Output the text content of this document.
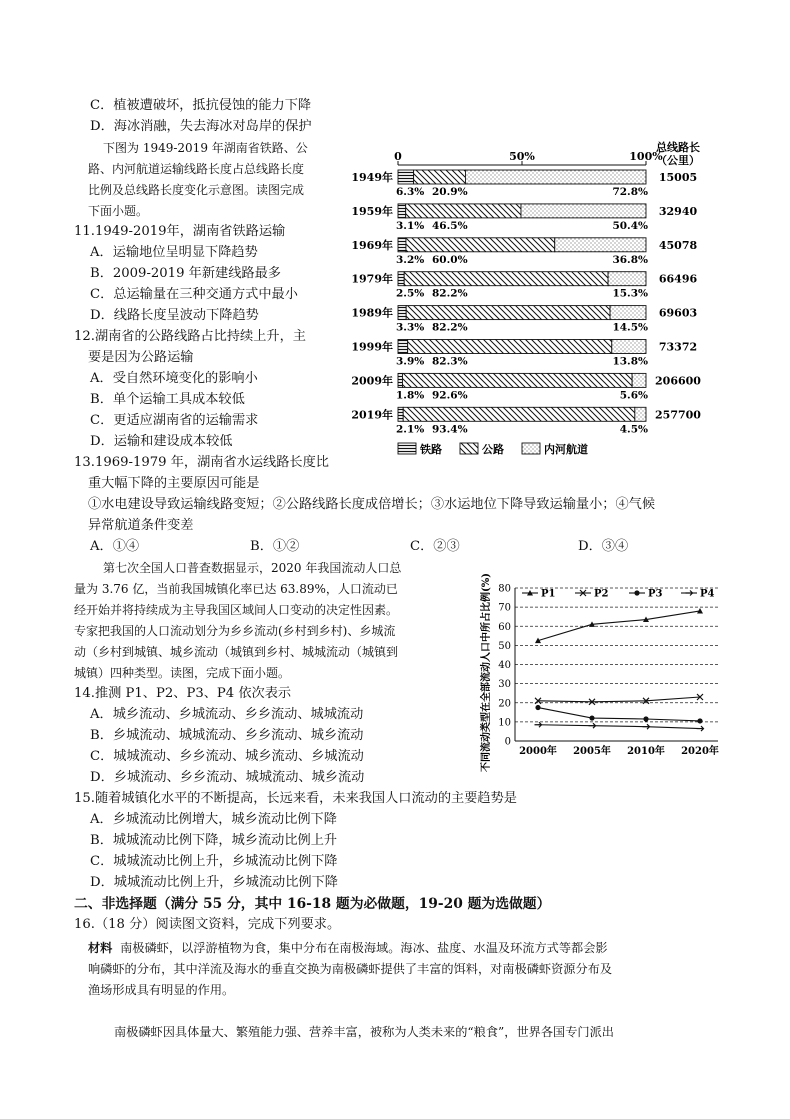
C．植被遭破坏，抵抗侵蚀的能力下降
D．海冰消融，失去海冰对岛岸的保护
下图为 1949-2019 年湖南省铁路、公
路、内河航道运输线路长度占总线路长度
比例及总线路长度变化示意图。读图完成
下面小题。
11.1949-2019年，湖南省铁路运输
A．运输地位呈明显下降趋势
B．2009-2019 年新建线路最多
C．总运输量在三种交通方式中最小
D．线路长度呈波动下降趋势
12.湖南省的公路线路占比持续上升，主
要是因为公路运输
A．受自然环境变化的影响小
B．单个运输工具成本较低
C．更适应湖南省的运输需求
D．运输和建设成本较低
13.1969-1979 年，湖南省水运线路长度比
重大幅下降的主要原因可能是
①水电建设导致运输线路变短；②公路线路长度成倍增长；③水运地位下降导致运输量小；④气候
异常航道条件变差
A．①④	B．①②	C．②③	D．③④
第七次全国人口普查数据显示，2020 年我国流动人口总
量为 3.76 亿，当前我国城镇化率已达 63.89%，人口流动已
经开始并将持续成为主导我国区域间人口变动的决定性因素。
专家把我国的人口流动划分为乡乡流动(乡村到乡村)、乡城流
动（乡村到城镇、城乡流动（城镇到乡村、城城流动（城镇到
城镇）四种类型。读图，完成下面小题。
14.推测 P1、P2、P3、P4 依次表示
A．城乡流动、乡城流动、乡乡流动、城城流动
B．乡城流动、城城流动、乡乡流动、城乡流动
C．城城流动、乡乡流动、城乡流动、乡城流动
D．乡城流动、乡乡流动、城城流动、城乡流动
15.随着城镇化水平的不断提高，长远来看，未来我国人口流动的主要趋势是
A．乡城流动比例增大，城乡流动比例下降
B．城城流动比例下降，城乡流动比例上升
C．城城流动比例上升，乡城流动比例下降
D．城城流动比例上升，乡城流动比例下降
二、非选择题（满分 55 分，其中 16-18 题为必做题，19-20 题为选做题）
16.（18 分）阅读图文资料，完成下列要求。
材料 南极磷虾，以浮游植物为食，集中分布在南极海域。海冰、盐度、水温及环流方式等都会影
响磷虾的分布，其中洋流及海水的垂直交换为南极磷虾提供了丰富的饵料，对南极磷虾资源分布及
渔场形成具有明显的作用。
南极磷虾因具体量大、繁殖能力强、营养丰富，被称为人类未来的“粮食”，世界各国专门派出
0	50%	100%
总线路长
（公里）
1949年
6.3% 20.9%	72.8%
15005
1959年
3.1% 46.5%	50.4%
32940
1969年
3.2% 60.0%	36.8%
45078
1979年
2.5% 82.2%	15.3%
66496
1989年
3.3% 82.2%	14.5%
69603
1999年
3.9% 82.3%	13.8%
73372
2009年
1.8% 92.6%	5.6%
206600
2019年
2.1% 93.4%	4.5%
257700
铁路	公路	内河航道
0
10
20
30
40
50
60
70
80
2000年 2005年 2010年 2020年
不同流动类型在全部流动人口中所占比例(%)	P1	P2	P3	P4
